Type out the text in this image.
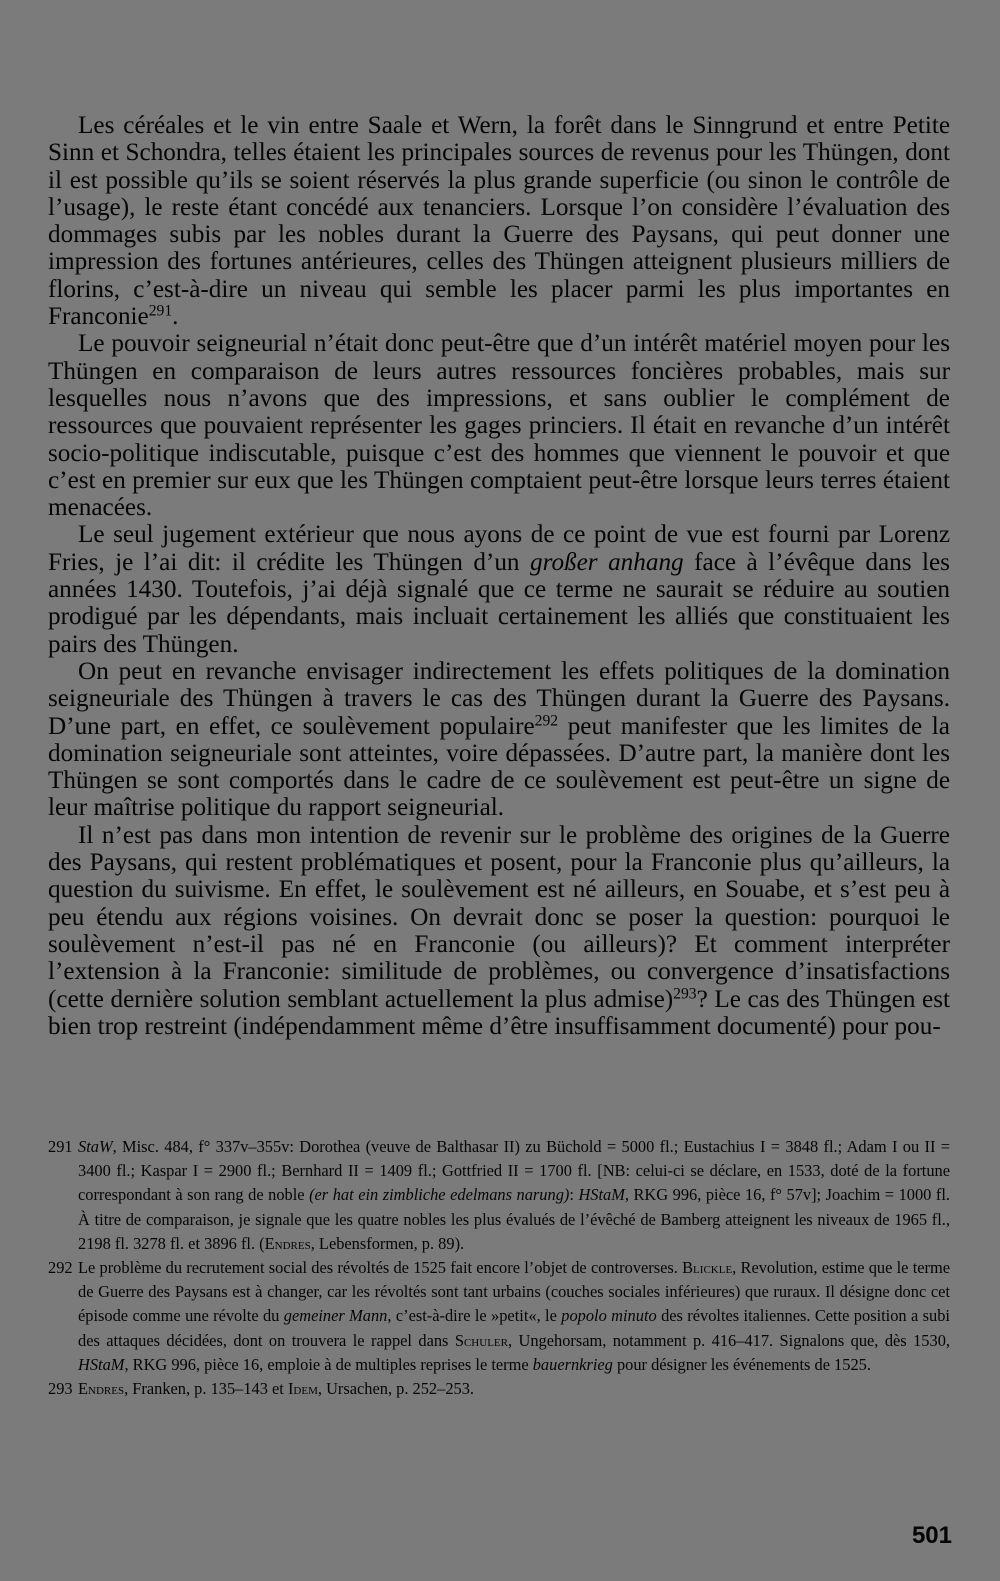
Les céréales et le vin entre Saale et Wern, la forêt dans le Sinngrund et entre Petite Sinn et Schondra, telles étaient les principales sources de revenus pour les Thüngen, dont il est possible qu’ils se soient réservés la plus grande superficie (ou sinon le contrôle de l’usage), le reste étant concédé aux tenanciers. Lorsque l’on considère l’évaluation des dommages subis par les nobles durant la Guerre des Paysans, qui peut donner une impression des fortunes antérieures, celles des Thüngen atteignent plusieurs milliers de florins, c’est-à-dire un niveau qui semble les placer parmi les plus importantes en Franconie$^{291}$.

Le pouvoir seigneurial n’était donc peut-être que d’un intérêt matériel moyen pour les Thüngen en comparaison de leurs autres ressources foncières probables, mais sur lesquelles nous n’avons que des impressions, et sans oublier le complément de ressources que pouvaient représenter les gages princiers. Il était en revanche d’un intérêt socio-politique indiscutable, puisque c’est des hommes que viennent le pouvoir et que c’est en premier sur eux que les Thüngen comptaient peut-être lorsque leurs terres étaient menacées.

Le seul jugement extérieur que nous ayons de ce point de vue est fourni par Lorenz Fries, je l’ai dit: il crédite les Thüngen d’un großer anhang face à l’évêque dans les années 1430. Toutefois, j’ai déjà signalé que ce terme ne saurait se réduire au soutien prodigué par les dépendants, mais incluait certainement les alliés que constituaient les pairs des Thüngen.

On peut en revanche envisager indirectement les effets politiques de la domination seigneuriale des Thüngen à travers le cas des Thüngen durant la Guerre des Paysans. D’une part, en effet, ce soulèvement populaire$^{292}$ peut manifester que les limites de la domination seigneuriale sont atteintes, voire dépassées. D’autre part, la manière dont les Thüngen se sont comportés dans le cadre de ce soulèvement est peut-être un signe de leur maîtrise politique du rapport seigneurial.

Il n’est pas dans mon intention de revenir sur le problème des origines de la Guerre des Paysans, qui restent problématiques et posent, pour la Franconie plus qu’ailleurs, la question du suivisme. En effet, le soulèvement est né ailleurs, en Souabe, et s’est peu à peu étendu aux régions voisines. On devrait donc se poser la question: pourquoi le soulèvement n’est-il pas né en Franconie (ou ailleurs)? Et comment interpréter l’extension à la Franconie: similitude de problèmes, ou convergence d’insatisfactions (cette dernière solution semblant actuellement la plus admise)$^{293}$? Le cas des Thüngen est bien trop restreint (indépendamment même d’être insuffisamment documenté) pour pou-

291 StaW, Misc. 484, f° 337v–355v: Dorothea (veuve de Balthasar II) zu Büchold = 5000 fl.; Eustachius I = 3848 fl.; Adam I ou II = 3400 fl.; Kaspar I = 2900 fl.; Bernhard II = 1409 fl.; Gottfried II = 1700 fl. [NB: celui-ci se déclare, en 1533, doté de la fortune correspondant à son rang de noble (er hat ein zimbliche edelmans narung): HStaM, RKG 996, pièce 16, f° 57v]; Joachim = 1000 fl. À titre de comparaison, je signale que les quatre nobles les plus évalués de l’évêché de Bamberg atteignent les niveaux de 1965 fl., 2198 fl. 3278 fl. et 3896 fl. (Endres, Lebensformen, p. 89).
292 Le problème du recrutement social des révoltés de 1525 fait encore l’objet de controverses. Blickle, Revolution, estime que le terme de Guerre des Paysans est à changer, car les révoltés sont tant urbains (couches sociales inférieures) que ruraux. Il désigne donc cet épisode comme une révolte du gemeiner Mann, c’est-à-dire le »petit«, le popolo minuto des révoltes italiennes. Cette position a subi des attaques décidées, dont on trouvera le rappel dans Schuler, Ungehorsam, notamment p. 416–417. Signalons que, dès 1530, HStaM, RKG 996, pièce 16, emploie à de multiples reprises le terme bauernkrieg pour désigner les événements de 1525.
293 Endres, Franken, p. 135–143 et Idem, Ursachen, p. 252–253.
501
